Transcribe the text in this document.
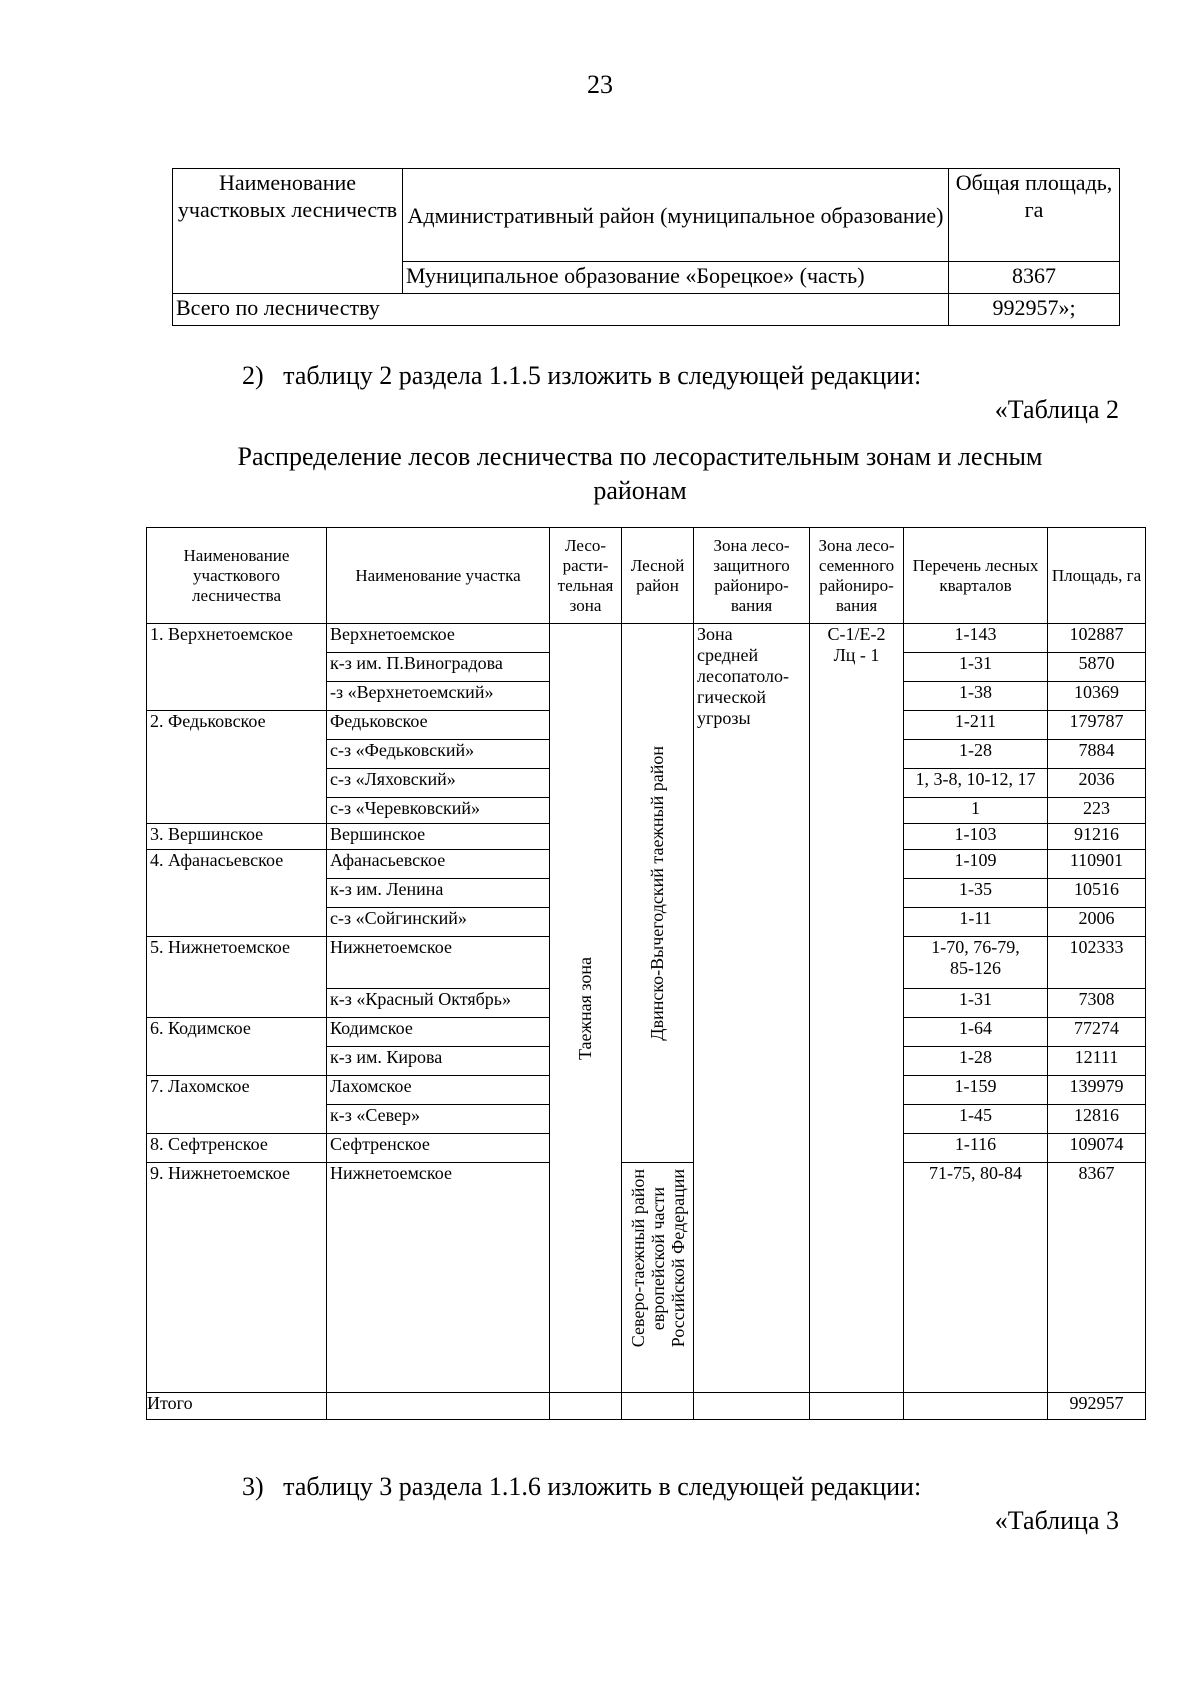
23
Наименование участковых лесничеств	Административный район (муниципальное образование)	Общая площадь, га
	Муниципальное образование «Борецкое» (часть)	8367
Всего по лесничеству		992957»;
2)   таблицу 2 раздела 1.1.5 изложить в следующей редакции:
«Таблица 2
Распределение лесов лесничества по лесорастительным зонам и лесным районам
Наименование участкового лесничества	Наименование участка	Лесо-
расти-
тельная
зона	Лесной
район	Зона лесо-
защитного
райониро-
вания	Зона лесо-
семенного
райониро-
вания	Перечень лесных кварталов	Площадь, га
1. Верхнетоемское	Верхнетоемское	Таежная зона	Двинско-Вычегодский таежный район	Зона
средней
лесопатоло-
гической
угрозы	С-1/Е-2
Лц - 1	1-143	102887
	к-з им. П.Виноградова					1-31	5870
	-з «Верхнетоемский»					1-38	10369
2. Федьковское	Федьковское					1-211	179787
	с-з «Федьковский»					1-28	7884
	с-з «Ляховский»					1, 3-8, 10-12, 17	2036
	с-з «Черевковский»					1	223
3. Вершинское	Вершинское					1-103	91216
4. Афанасьевское	Афанасьевское					1-109	110901
	к-з им. Ленина					1-35	10516
	с-з «Сойгинский»					1-11	2006
5. Нижнетоемское	Нижнетоемское					1-70, 76-79,
85-126	102333
	к-з «Красный Октябрь»					1-31	7308
6. Кодимское	Кодимское					1-64	77274
	к-з им. Кирова					1-28	12111
7. Лахомское	Лахомское					1-159	139979
	к-з «Север»					1-45	12816
8. Сефтренское	Сефтренское					1-116	109074
9. Нижнетоемское	Нижнетоемское		Северо-таежный район
европейской части
Российской Федерации			71-75, 80-84	8367
Итого							992957
3)   таблицу 3 раздела 1.1.6 изложить в следующей редакции:
«Таблица 3
